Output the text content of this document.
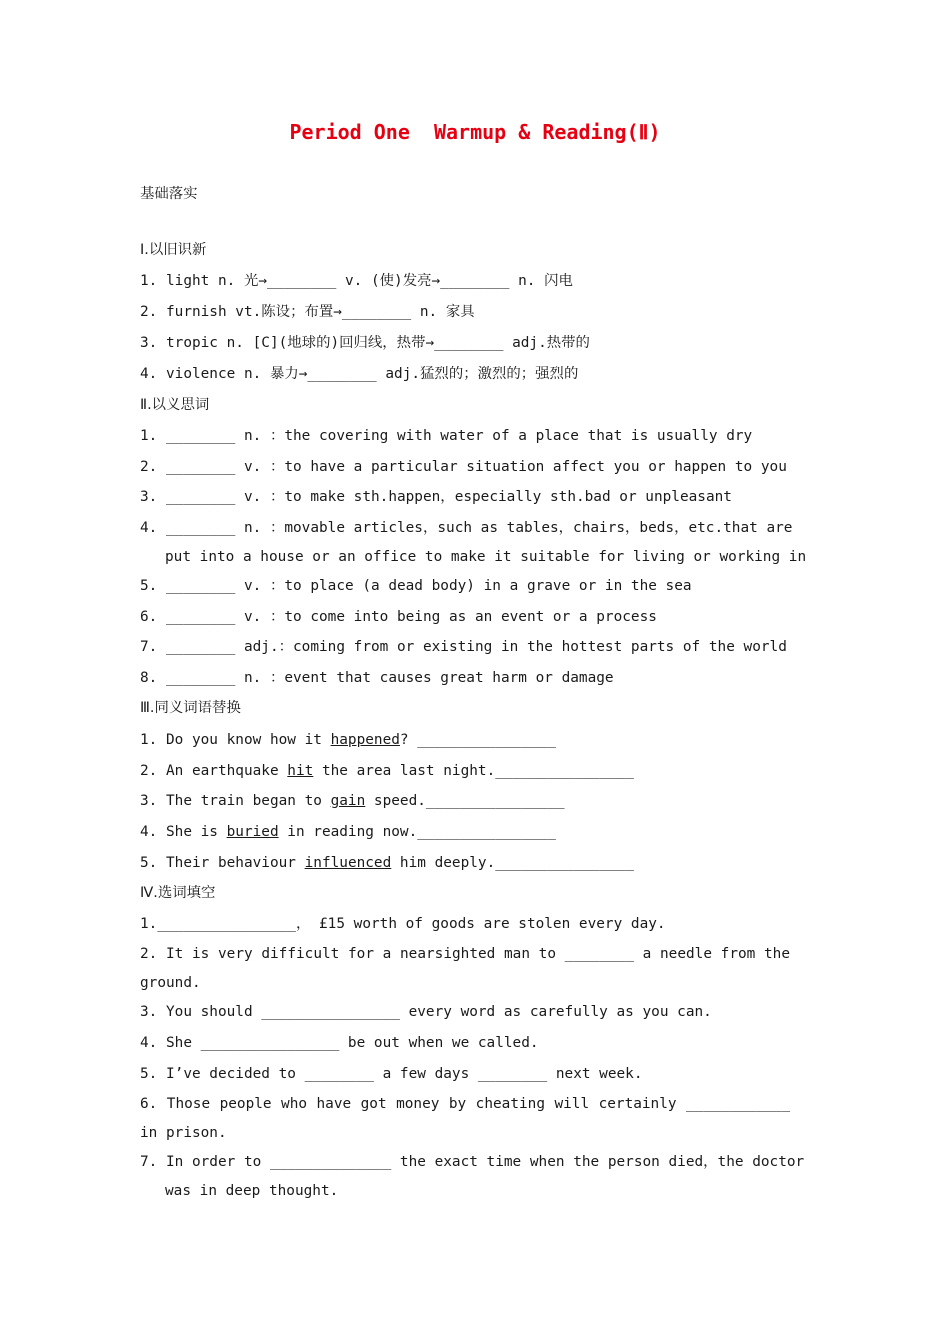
Period One  Warmup & Reading(Ⅱ)
基础落实
Ⅰ.以旧识新
1. light n. 光→________ v. (使)发亮→________ n. 闪电
2. furnish vt.陈设；布置→________ n. 家具
3. tropic n. [C](地球的)回归线，热带→________ adj.热带的
4. violence n. 暴力→________ adj.猛烈的；激烈的；强烈的
Ⅱ.以义思词
1. ________ n. ：the covering with water of a place that is usually dry
2. ________ v. ：to have a particular situation affect you or happen to you
3. ________ v. ：to make sth.happen，especially sth.bad or unpleasant
4. ________ n. ：movable articles，such as tables，chairs，beds，etc.that are
put into a house or an office to make it suitable for living or working in
5. ________ v. ：to place (a dead body) in a grave or in the sea
6. ________ v. ：to come into being as an event or a process
7. ________ adj.：coming from or existing in the hottest parts of the world
8. ________ n. ：event that causes great harm or damage
Ⅲ.同义词语替换
1. Do you know how it happened? ________________
2. An earthquake hit the area last night.________________
3. The train began to gain speed.________________
4. She is buried in reading now.________________
5. Their behaviour influenced him deeply.________________
Ⅳ.选词填空
1.________________， £15 worth of goods are stolen every day.
2. It is very difficult for a nearsighted man to ________ a needle from the ground.
3. You should ________________ every word as carefully as you can.
4. She ________________ be out when we called.
5. I’ve decided to ________ a few days ________ next week.
6. Those people who have got money by cheating will certainly ____________ in prison.
7. In order to ______________ the exact time when the person died，the doctor
was in deep thought.
